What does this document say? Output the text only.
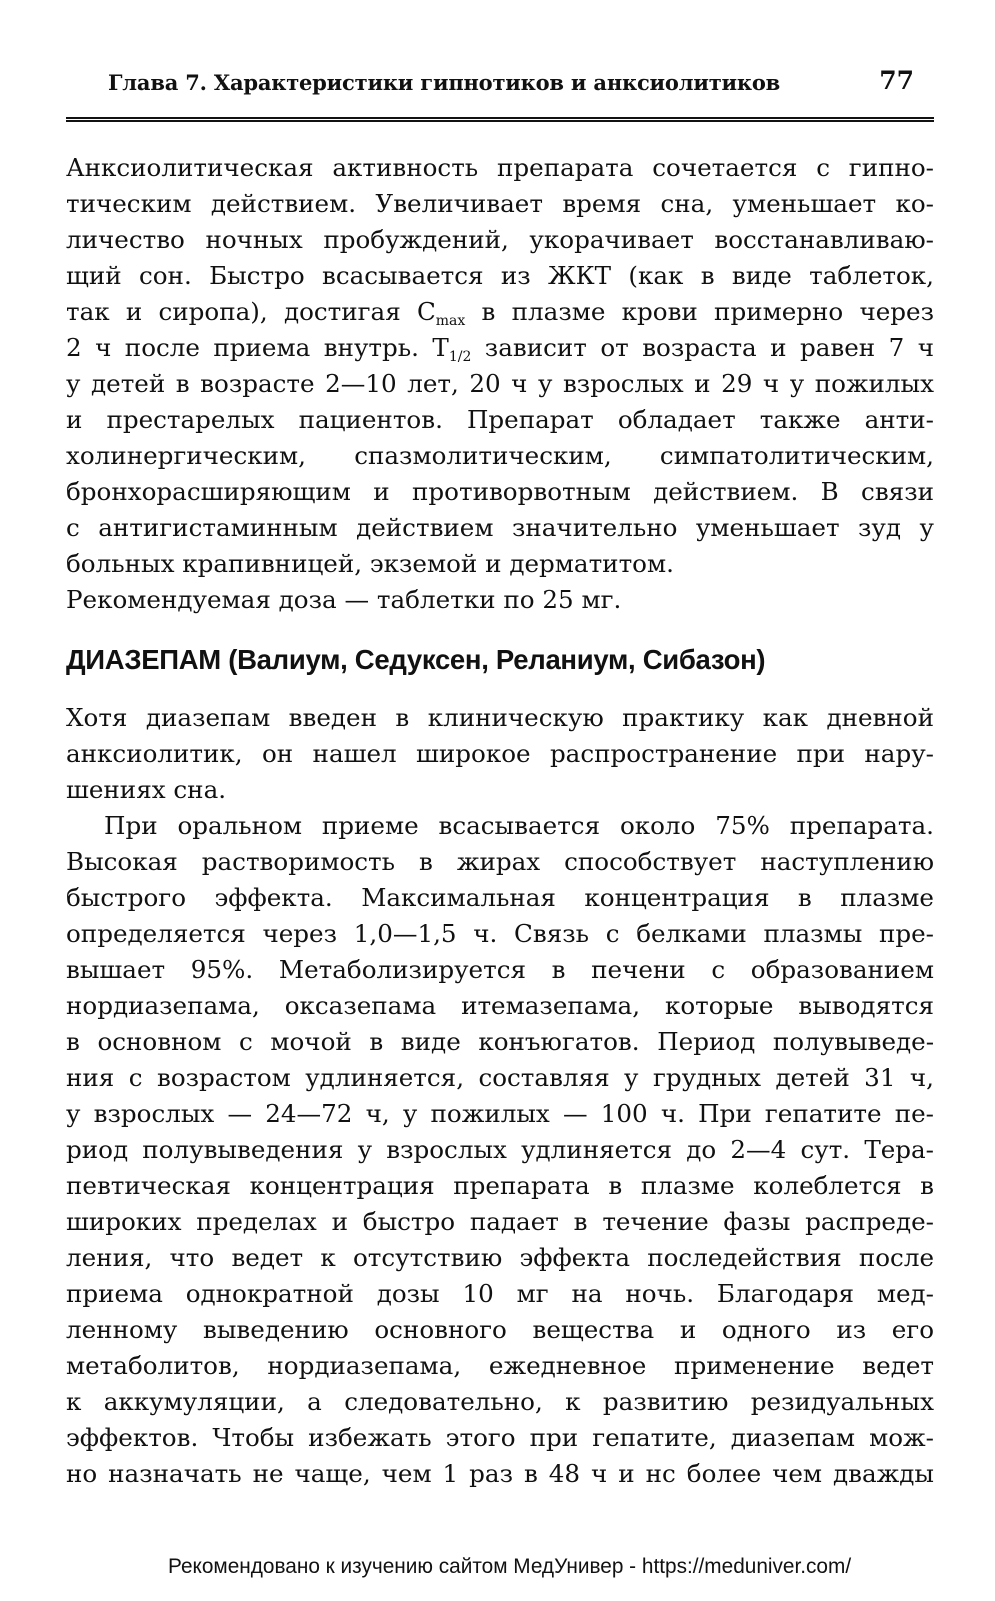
Глава 7. Характеристики гипнотиков и анксиолитиков	77
Анксиолитическая активность препарата сочетается с гипно-
тическим действием. Увеличивает время сна, уменьшает ко-
личество ночных пробуждений, укорачивает восстанавливаю-
щий сон. Быстро всасывается из ЖКТ (как в виде таблеток,
так и сиропа), достигая $C_{max}$ в плазме крови примерно через
2 ч после приема внутрь. $T_{1/2}$ зависит от возраста и равен 7 ч
у детей в возрасте 2—10 лет, 20 ч у взрослых и 29 ч у пожилых
и престарелых пациентов. Препарат обладает также анти-
холинергическим, спазмолитическим, симпатолитическим,
бронхорасширяющим и противорвотным действием. В связи
с антигистаминным действием значительно уменьшает зуд у
больных крапивницей, экземой и дерматитом.
Рекомендуемая доза — таблетки по 25 мг.
ДИАЗЕПАМ (Валиум, Седуксен, Реланиум, Сибазон)
Хотя диазепам введен в клиническую практику как дневной
анксиолитик, он нашел широкое распространение при нару-
шениях сна.
При оральном приеме всасывается около 75% препарата.
Высокая растворимость в жирах способствует наступлению
быстрого эффекта. Максимальная концентрация в плазме
определяется через 1,0—1,5 ч. Связь с белками плазмы пре-
вышает 95%. Метаболизируется в печени с образованием
нордиазепама, оксазепама итемазепама, которые выводятся
в основном с мочой в виде конъюгатов. Период полувыведе-
ния с возрастом удлиняется, составляя у грудных детей 31 ч,
у взрослых — 24—72 ч, у пожилых — 100 ч. При гепатите пе-
риод полувыведения у взрослых удлиняется до 2—4 сут. Тера-
певтическая концентрация препарата в плазме колеблется в
широких пределах и быстро падает в течение фазы распреде-
ления, что ведет к отсутствию эффекта последействия после
приема однократной дозы 10 мг на ночь. Благодаря мед-
ленному выведению основного вещества и одного из его
метаболитов, нордиазепама, ежедневное применение ведет
к аккумуляции, а следовательно, к развитию резидуальных
эффектов. Чтобы избежать этого при гепатите, диазепам мож-
но назначать не чаще, чем 1 раз в 48 ч и нс более чем дважды
Рекомендовано к изучению сайтом МедУнивер - https://meduniver.com/
